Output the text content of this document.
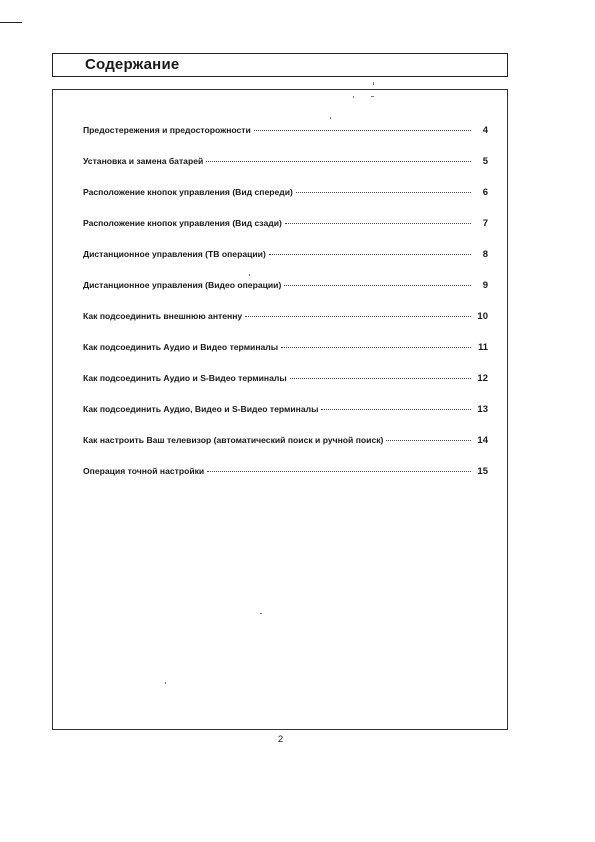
Содержание
Предостережения и предосторожности	4
Установка и замена батарей	5
Расположение кнопок управления (Вид спереди)	6
Расположение кнопок управления (Вид сзади)	7
Дистанционное управления (ТВ операции)	8
Дистанционное управления (Видео операции)	9
Как подсоединить внешнюю антенну	10
Как подсоединить Аудио и Видео терминалы	11
Как подсоединить Аудио и S-Видео терминалы	12
Как подсоединить Аудио, Видео и S-Видео терминалы	13
Как настроить Ваш телевизор (автоматический поиск и ручной поиск)	14
Операция точной настройки	15
2
